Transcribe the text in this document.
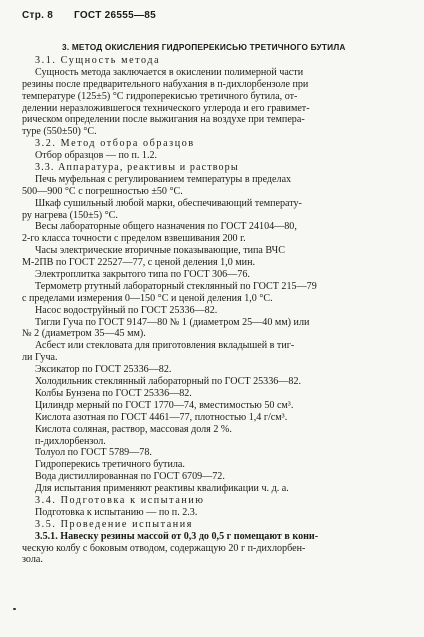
Стр. 8 ГОСТ 26555—85
3. МЕТОД ОКИСЛЕНИЯ ГИДРОПЕРЕКИСЬЮ ТРЕТИЧНОГО БУТИЛА
3.1. Сущность метода
Сущность метода заключается в окислении полимерной части
резины после предварительного набухания в п-дихлорбензоле при
температуре (125±5) °С гидроперекисью третичного бутила, от-
делении неразложившегося технического углерода и его гравимет-
рическом определении после выжигания на воздухе при темпера-
туре (550±50) °С.
3.2. Метод отбора образцов
Отбор образцов — по п. 1.2.
3.3. Аппаратура, реактивы и растворы
Печь муфельная с регулированием температуры в пределах
500—900 °С с погрешностью ±50 °С.
Шкаф сушильный любой марки, обеспечивающий температу-
ру нагрева (150±5) °С.
Весы лабораторные общего назначения по ГОСТ 24104—80,
2-го класса точности с пределом взвешивания 200 г.
Часы электрические вторичные показывающие, типа ВЧС
М-2ПВ по ГОСТ 22527—77, с ценой деления 1,0 мин.
Электроплитка закрытого типа по ГОСТ 306—76.
Термометр ртутный лабораторный стеклянный по ГОСТ 215—79
с пределами измерения 0—150 °С и ценой деления 1,0 °С.
Насос водоструйный по ГОСТ 25336—82.
Тигли Гуча по ГОСТ 9147—80 № 1 (диаметром 25—40 мм) или
№ 2 (диаметром 35—45 мм).
Асбест или стекловата для приготовления вкладышей в тиг-
ли Гуча.
Эксикатор по ГОСТ 25336—82.
Холодильник стеклянный лабораторный по ГОСТ 25336—82.
Колбы Бунзена по ГОСТ 25336—82.
Цилиндр мерный по ГОСТ 1770—74, вместимостью 50 см³.
Кислота азотная по ГОСТ 4461—77, плотностью 1,4 г/см³.
Кислота соляная, раствор, массовая доля 2 %.
п-дихлорбензол.
Толуол по ГОСТ 5789—78.
Гидроперекись третичного бутила.
Вода дистиллированная по ГОСТ 6709—72.
Для испытания применяют реактивы квалификации ч. д. а.
3.4. Подготовка к испытанию
Подготовка к испытанию — по п. 2.3.
3.5. Проведение испытания
3.5.1. Навеску резины массой от 0,3 до 0,5 г помещают в кони-
ческую колбу с боковым отводом, содержащую 20 г п-дихлорбен-
зола.
